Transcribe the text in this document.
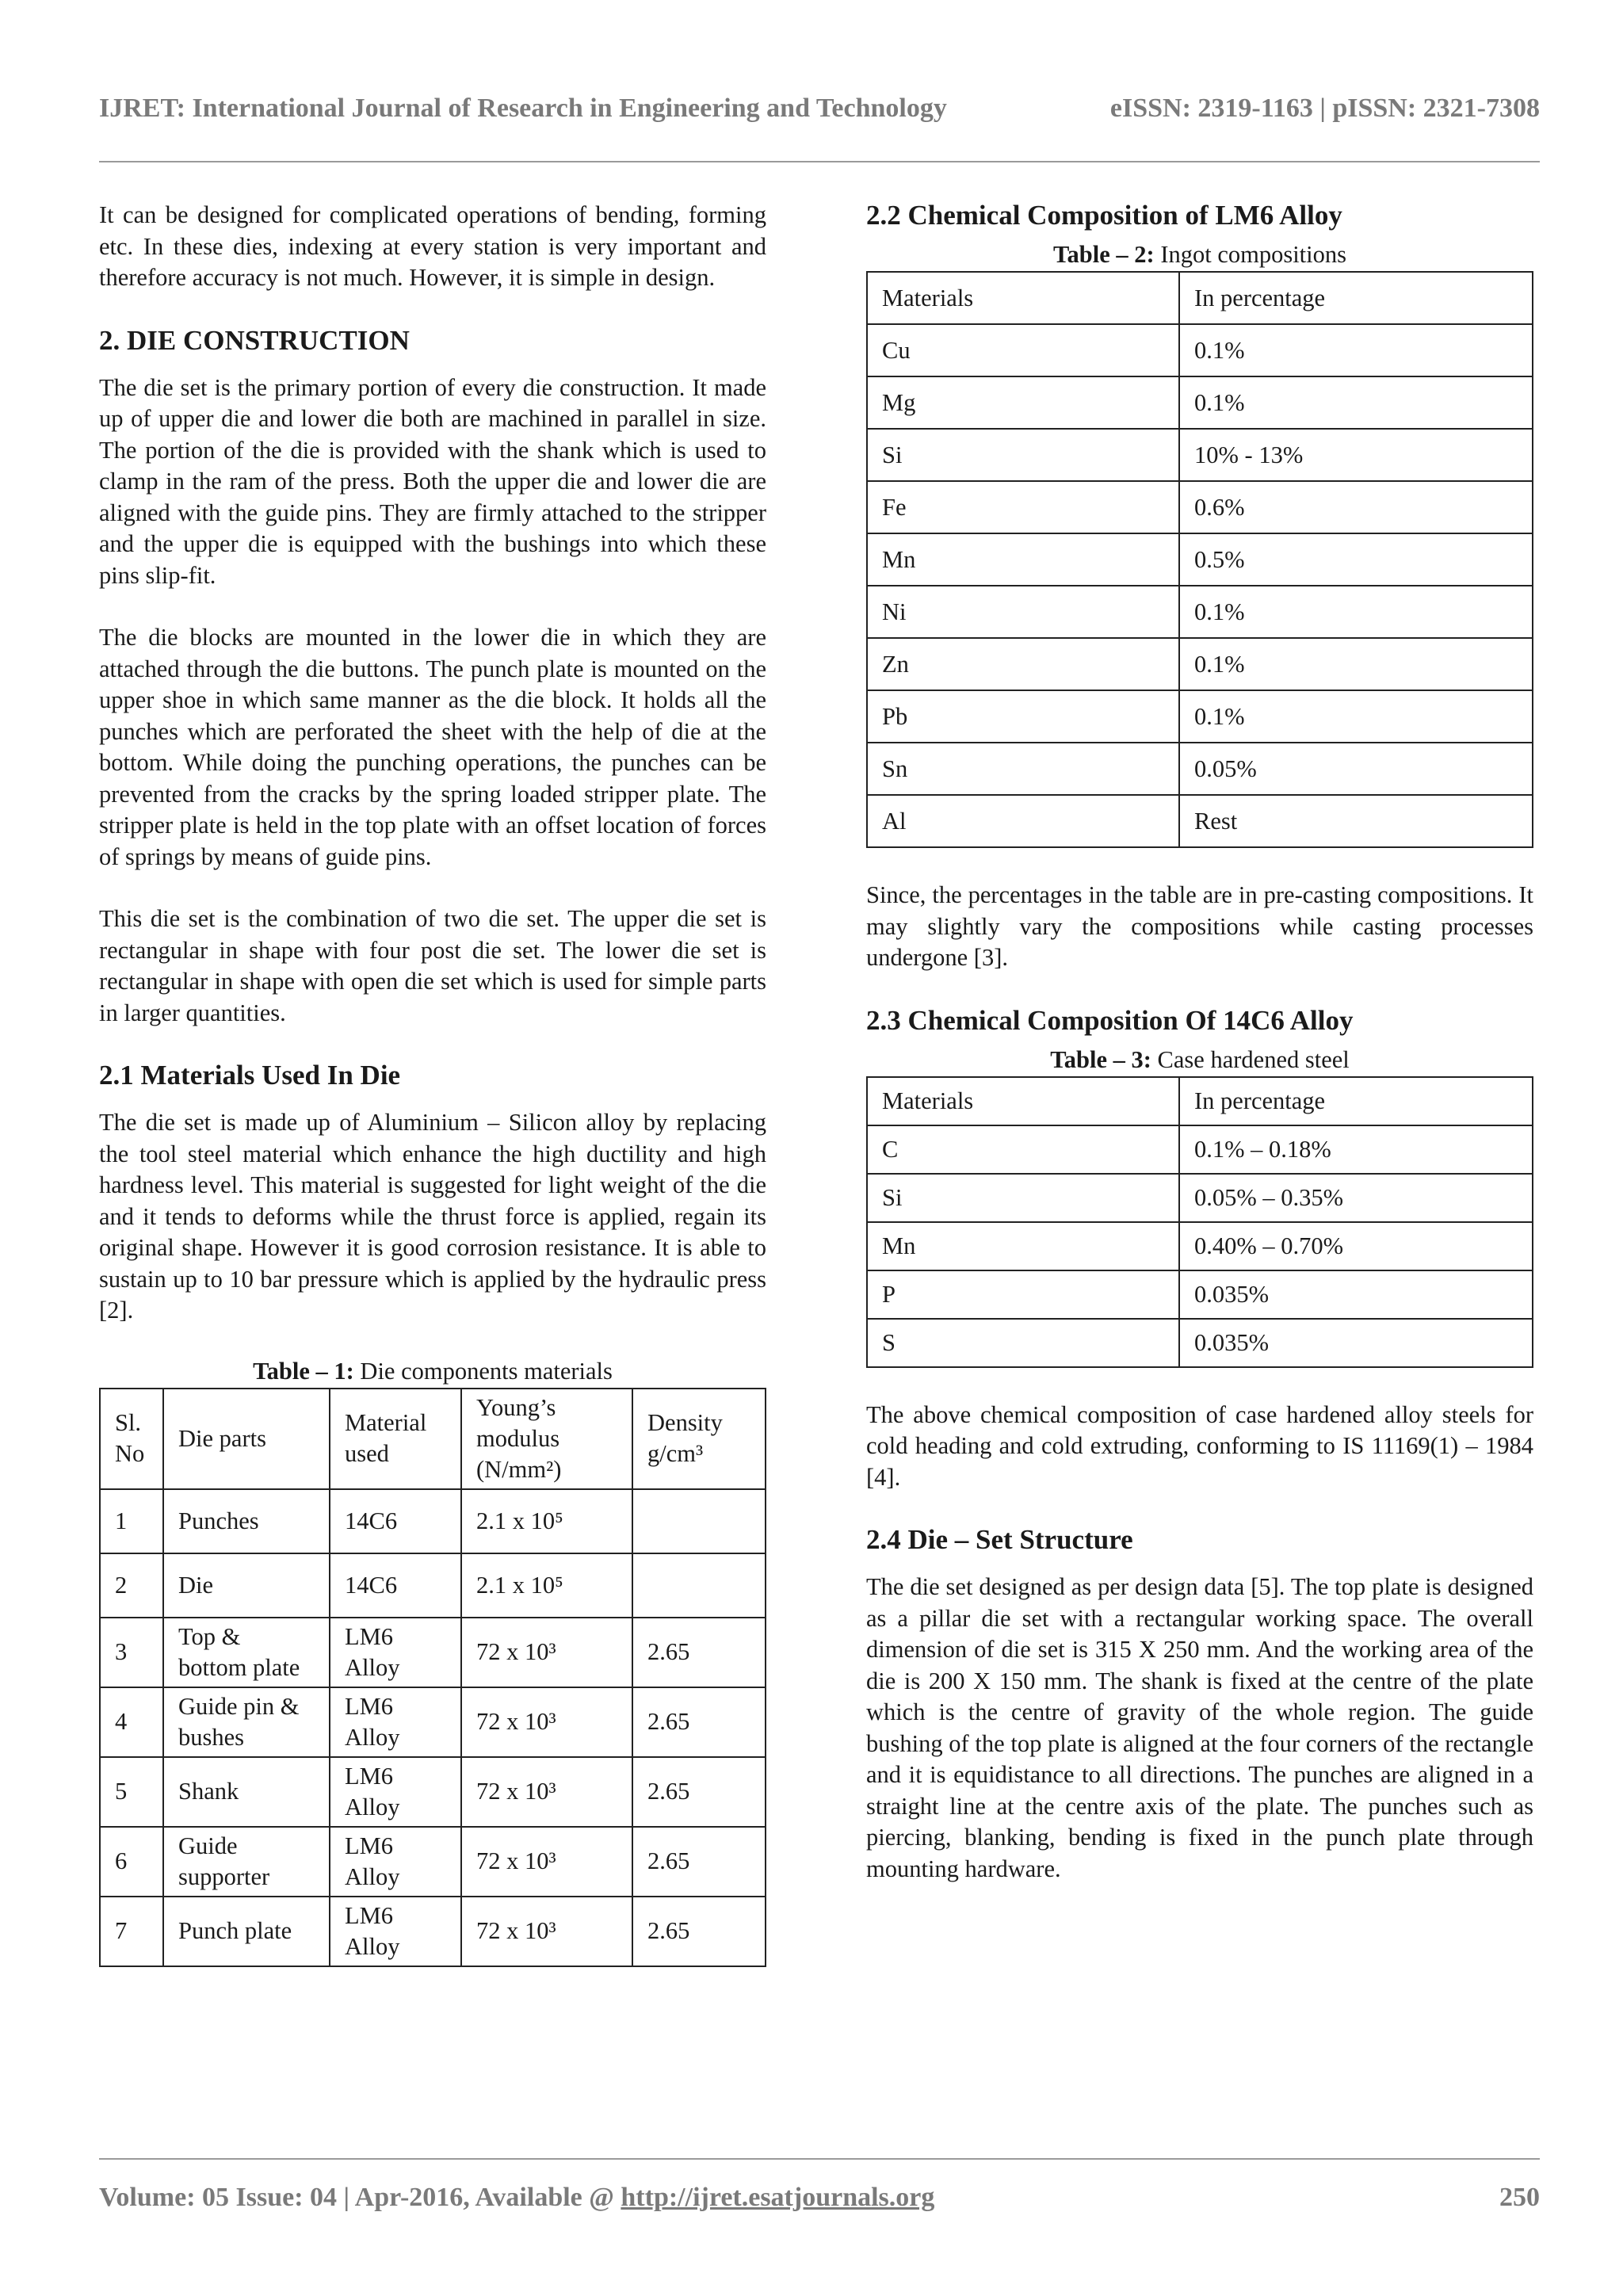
IJRET: International Journal of Research in Engineering and Technology	eISSN: 2319-1163 | pISSN: 2321-7308

It can be designed for complicated operations of bending, forming etc. In these dies, indexing at every station is very important and therefore accuracy is not much. However, it is simple in design.

2. DIE CONSTRUCTION

The die set is the primary portion of every die construction. It made up of upper die and lower die both are machined in parallel in size. The portion of the die is provided with the shank which is used to clamp in the ram of the press. Both the upper die and lower die are aligned with the guide pins. They are firmly attached to the stripper and the upper die is equipped with the bushings into which these pins slip-fit.

The die blocks are mounted in the lower die in which they are attached through the die buttons. The punch plate is mounted on the upper shoe in which same manner as the die block. It holds all the punches which are perforated the sheet with the help of die at the bottom. While doing the punching operations, the punches can be prevented from the cracks by the spring loaded stripper plate. The stripper plate is held in the top plate with an offset location of forces of springs by means of guide pins.

This die set is the combination of two die set. The upper die set is rectangular in shape with four post die set. The lower die set is rectangular in shape with open die set which is used for simple parts in larger quantities.

2.1 Materials Used In Die

The die set is made up of Aluminium – Silicon alloy by replacing the tool steel material which enhance the high ductility and high hardness level. This material is suggested for light weight of the die and it tends to deforms while the thrust force is applied, regain its original shape. However it is good corrosion resistance. It is able to sustain up to 10 bar pressure which is applied by the hydraulic press [2].

Table – 1: Die components materials
Sl. No	Die parts	Material used	Young’s modulus (N/mm²)	Density g/cm³
1	Punches	14C6	2.1 x 10⁵	
2	Die	14C6	2.1 x 10⁵	
3	Top & bottom plate	LM6 Alloy	72 x 10³	2.65
4	Guide pin & bushes	LM6 Alloy	72 x 10³	2.65
5	Shank	LM6 Alloy	72 x 10³	2.65
6	Guide supporter	LM6 Alloy	72 x 10³	2.65
7	Punch plate	LM6 Alloy	72 x 10³	2.65
2.2 Chemical Composition of LM6 Alloy
Table – 2: Ingot compositions
Materials	In percentage
Cu	0.1%
Mg	0.1%
Si	10% - 13%
Fe	0.6%
Mn	0.5%
Ni	0.1%
Zn	0.1%
Pb	0.1%
Sn	0.05%
Al	Rest

Since, the percentages in the table are in pre-casting compositions. It may slightly vary the compositions while casting processes undergone [3].

2.3 Chemical Composition Of 14C6 Alloy
Table – 3: Case hardened steel
Materials	In percentage
C	0.1% – 0.18%
Si	0.05% – 0.35%
Mn	0.40% – 0.70%
P	0.035%
S	0.035%

The above chemical composition of case hardened alloy steels for cold heading and cold extruding, conforming to IS 11169(1) – 1984 [4].

2.4 Die – Set Structure

The die set designed as per design data [5]. The top plate is designed as a pillar die set with a rectangular working space. The overall dimension of die set is 315 X 250 mm. And the working area of the die is 200 X 150 mm. The shank is fixed at the centre of the plate which is the centre of gravity of the whole region. The guide bushing of the top plate is aligned at the four corners of the rectangle and it is equidistance to all directions. The punches are aligned in a straight line at the centre axis of the plate. The punches such as piercing, blanking, bending is fixed in the punch plate through mounting hardware.

Volume: 05 Issue: 04 | Apr-2016, Available @ http://ijret.esatjournals.org	250
